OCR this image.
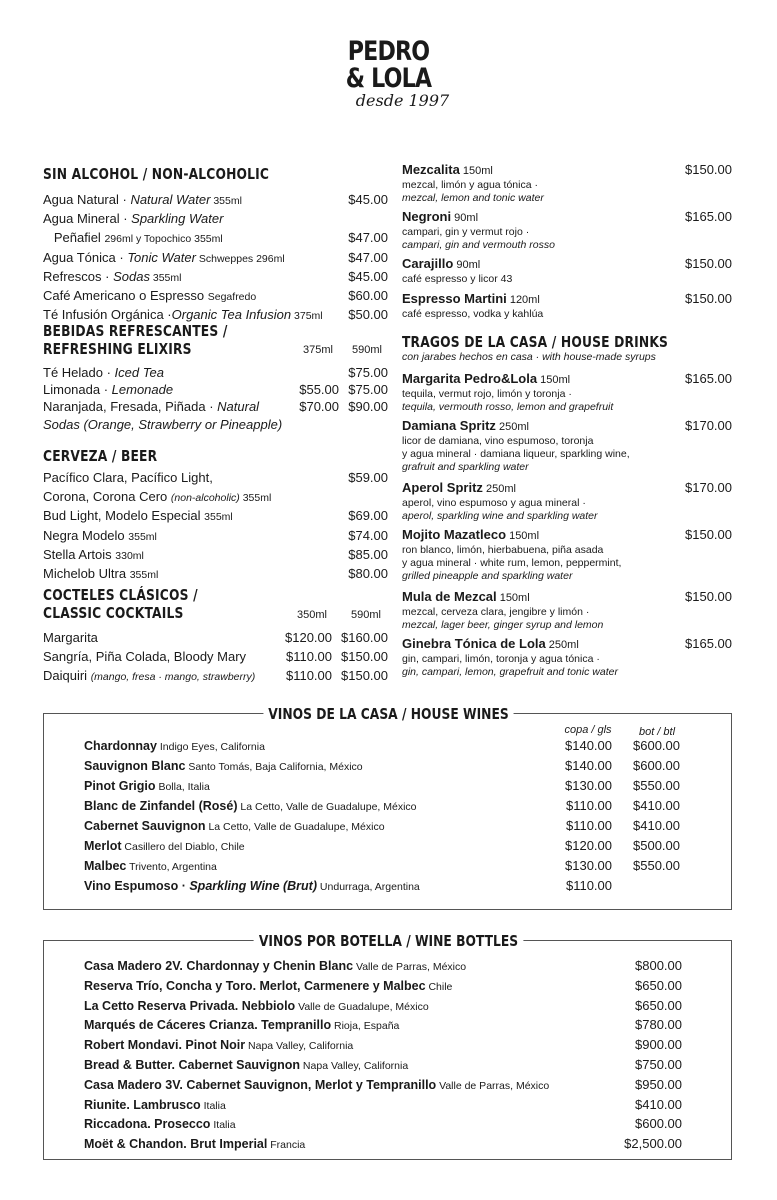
PEDRO
& LOLA
desde 1997
SIN ALCOHOL / NON-ALCOHOLIC
Agua Natural · Natural Water 355ml	$45.00
Agua Mineral · Sparkling Water
Peñafiel 296ml y Topochico 355ml	$47.00
Agua Tónica · Tonic Water Schweppes 296ml	$47.00
Refrescos · Sodas 355ml	$45.00
Café Americano o Espresso Segafredo	$60.00
Té Infusión Orgánica ·Organic Tea Infusion 375ml $50.00
BEBIDAS REFRESCANTES /
REFRESHING ELIXIRS	375ml 590ml
Té Helado · Iced Tea	$75.00
Limonada · Lemonade	$55.00 $75.00
Naranjada, Fresada, Piñada · Natural	$70.00 $90.00
Sodas (Orange, Strawberry or Pineapple)
CERVEZA / BEER
Pacífico Clara, Pacífico Light,	$59.00
Corona, Corona Cero (non-alcoholic) 355ml
Bud Light, Modelo Especial 355ml	$69.00
Negra Modelo 355ml	$74.00
Stella Artois 330ml	$85.00
Michelob Ultra 355ml	$80.00
COCTELES CLÁSICOS /
CLASSIC COCKTAILS	350ml 590ml
Margarita	$120.00 $160.00
Sangría, Piña Colada, Bloody Mary	$110.00 $150.00
Daiquiri (mango, fresa · mango, strawberry) $110.00 $150.00
Mezcalita 150ml
mezcal, limón y agua tónica ·
mezcal, lemon and tonic water
$150.00
Negroni 90ml
campari, gin y vermut rojo ·
campari, gin and vermouth rosso
$165.00
Carajillo 90ml
café espresso y licor 43
$150.00
Espresso Martini 120ml
café espresso, vodka y kahlúa
$150.00
TRAGOS DE LA CASA / HOUSE DRINKS
con jarabes hechos en casa · with house-made syrups
Margarita Pedro&Lola 150ml
tequila, vermut rojo, limón y toronja ·
tequila, vermouth rosso, lemon and grapefruit
$165.00
Damiana Spritz 250ml
licor de damiana, vino espumoso, toronja
y agua mineral · damiana liqueur, sparkling wine,
grafruit and sparkling water
$170.00
Aperol Spritz 250ml
aperol, vino espumoso y agua mineral ·
aperol, sparkling wine and sparkling water
$170.00
Mojito Mazatleco 150ml
ron blanco, limón, hierbabuena, piña asada
y agua mineral · white rum, lemon, peppermint,
grilled pineapple and sparkling water
$150.00
Mula de Mezcal 150ml
mezcal, cerveza clara, jengibre y limón ·
mezcal, lager beer, ginger syrup and lemon
$150.00
Ginebra Tónica de Lola 250ml
gin, campari, limón, toronja y agua tónica ·
gin, campari, lemon, grapefruit and tonic water
$165.00
VINOS DE LA CASA / HOUSE WINES
copa / gls	bot / btl
Chardonnay Indigo Eyes, California	$140.00	$600.00
Sauvignon Blanc Santo Tomás, Baja California, México	$140.00	$600.00
Pinot Grigio Bolla, Italia	$130.00	$550.00
Blanc de Zinfandel (Rosé) La Cetto, Valle de Guadalupe, México	$110.00	$410.00
Cabernet Sauvignon La Cetto, Valle de Guadalupe, México	$110.00	$410.00
Merlot Casillero del Diablo, Chile	$120.00	$500.00
Malbec Trivento, Argentina	$130.00	$550.00
Vino Espumoso · Sparkling Wine (Brut) Undurraga, Argentina	$110.00
VINOS POR BOTELLA / WINE BOTTLES
Casa Madero 2V. Chardonnay y Chenin Blanc Valle de Parras, México	$800.00
Reserva Trío, Concha y Toro. Merlot, Carmenere y Malbec Chile	$650.00
La Cetto Reserva Privada. Nebbiolo Valle de Guadalupe, México	$650.00
Marqués de Cáceres Crianza. Tempranillo Rioja, España	$780.00
Robert Mondavi. Pinot Noir Napa Valley, California	$900.00
Bread & Butter. Cabernet Sauvignon Napa Valley, California	$750.00
Casa Madero 3V. Cabernet Sauvignon, Merlot y Tempranillo Valle de Parras, México	$950.00
Riunite. Lambrusco Italia	$410.00
Riccadona. Prosecco Italia	$600.00
Moët & Chandon. Brut Imperial Francia	$2,500.00
